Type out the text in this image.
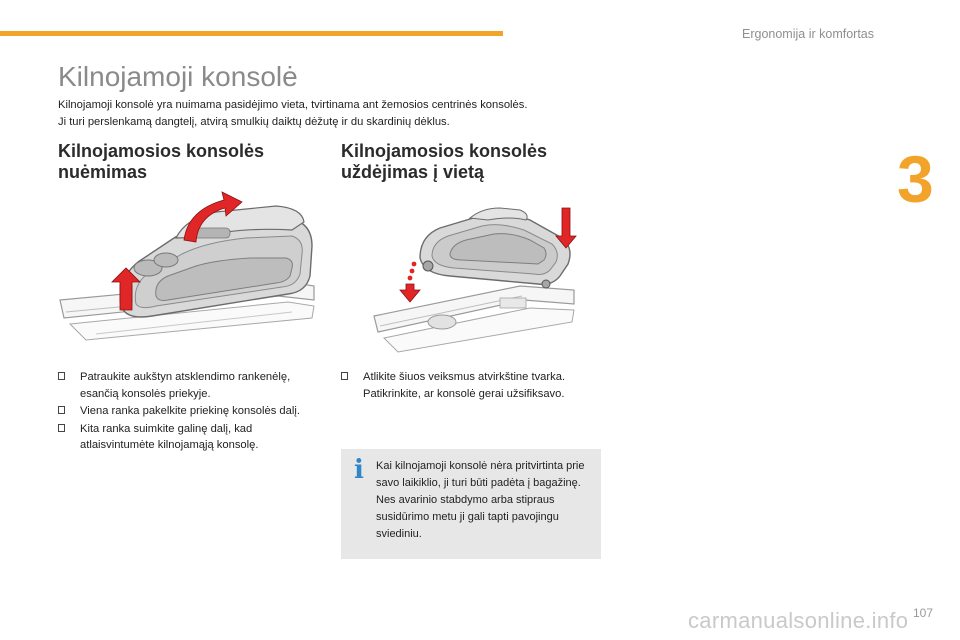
Ergonomija ir komfortas
3
Kilnojamoji konsolė

Kilnojamoji konsolė yra nuimama pasidėjimo vieta, tvirtinama ant žemosios centrinės konsolės.

Ji turi perslenkamą dangtelį, atvirą smulkių daiktų dėžutę ir du skardinių dėklus.

Kilnojamosios konsolės
nuėmimas
Patraukite aukštyn atsklendimo rankenėlę, esančią konsolės priekyje.
Viena ranka pakelkite priekinę konsolės dalį.
Kita ranka suimkite galinę dalį, kad atlaisvintumėte kilnojamąją konsolę.
Kilnojamosios konsolės
uždėjimas į vietą
Atlikite šiuos veiksmus atvirkštine tvarka. Patikrinkite, ar konsolė gerai užsifiksavo.
i	Kai kilnojamoji konsolė nėra pritvirtinta prie savo laikiklio, ji turi būti padėta į bagažinę. Nes avarinio stabdymo arba stipraus susidūrimo metu ji gali tapti pavojingu sviediniu.

carmanualsonline.info 107
